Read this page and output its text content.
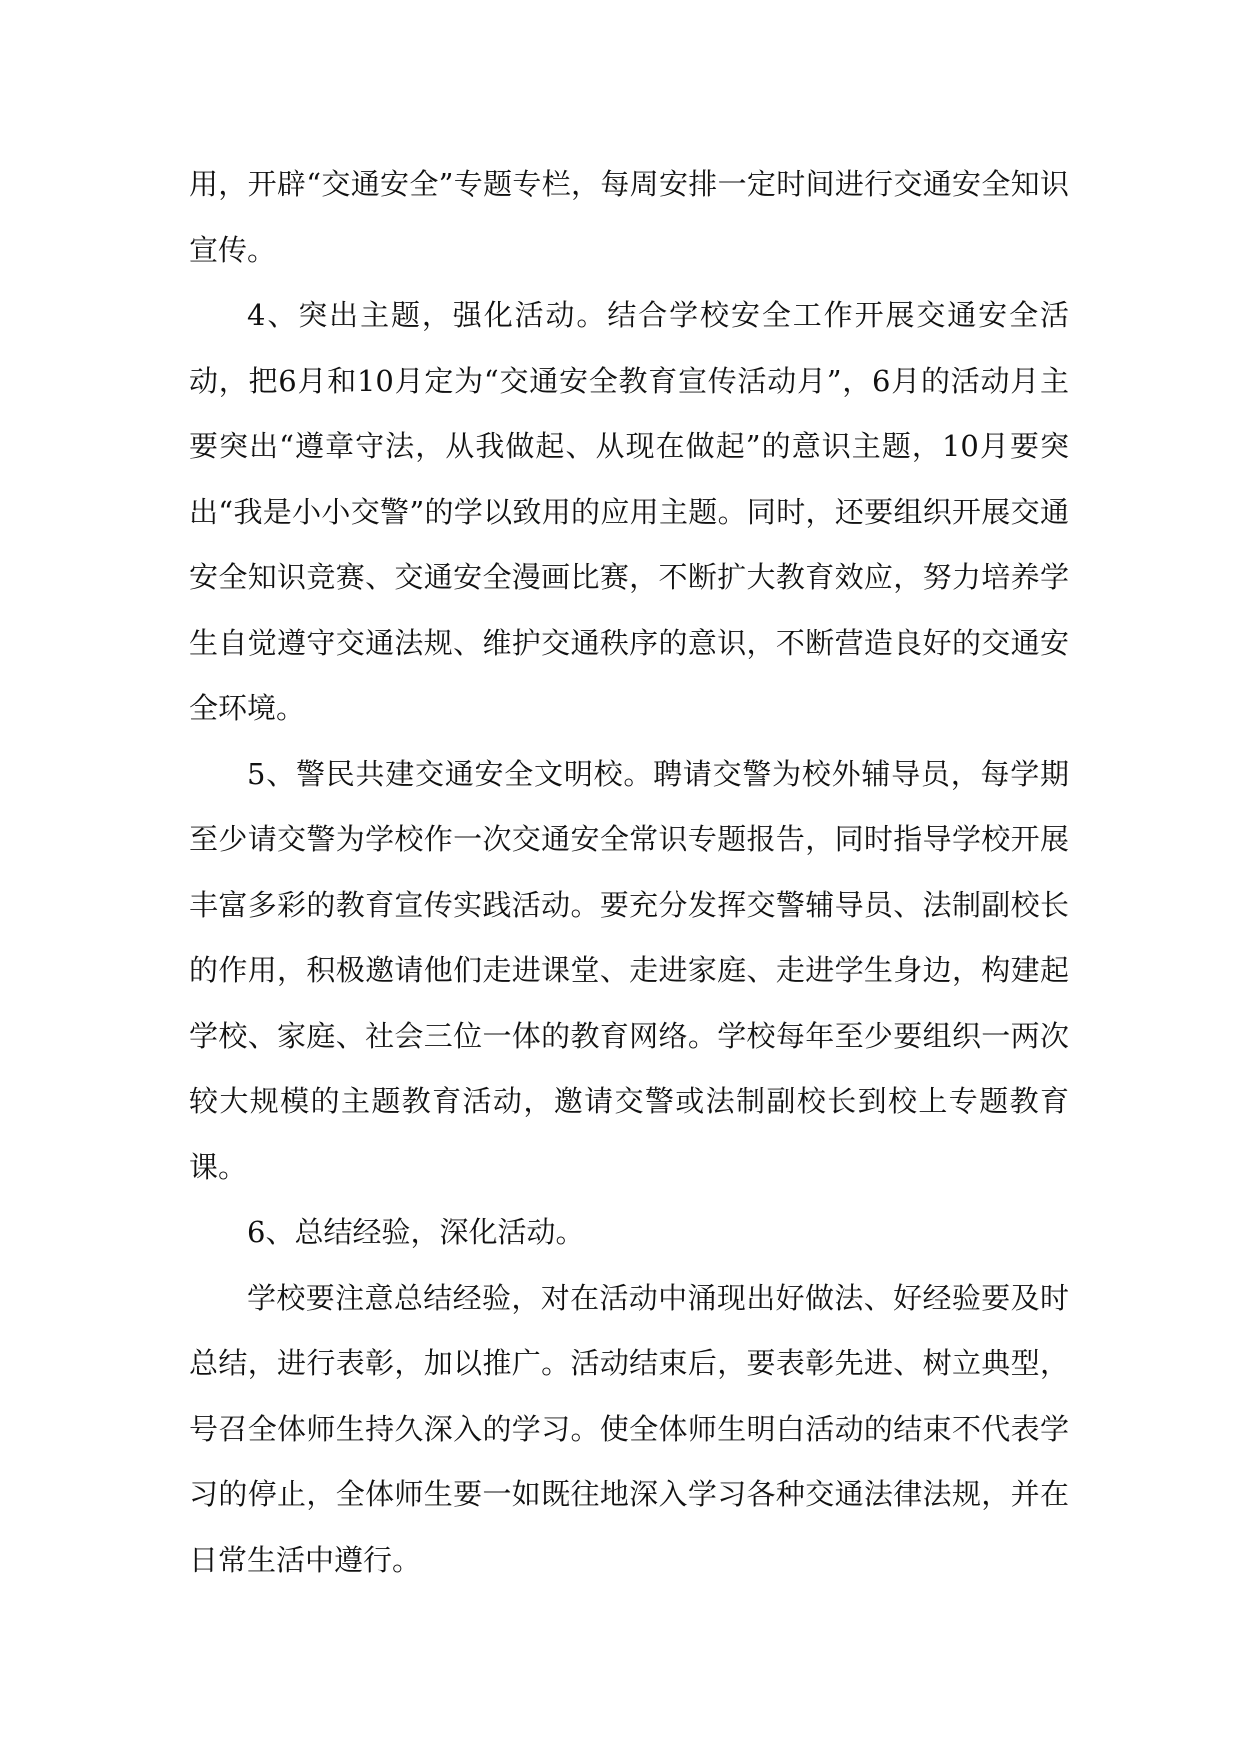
用，开辟“交通安全”专题专栏，每周安排一定时间进行交通安全知识宣传。

4、突出主题，强化活动。结合学校安全工作开展交通安全活动，把6月和10月定为“交通安全教育宣传活动月”，6月的活动月主要突出“遵章守法，从我做起、从现在做起”的意识主题，10月要突出“我是小小交警”的学以致用的应用主题。同时，还要组织开展交通安全知识竞赛、交通安全漫画比赛，不断扩大教育效应，努力培养学生自觉遵守交通法规、维护交通秩序的意识，不断营造良好的交通安全环境。

5、警民共建交通安全文明校。聘请交警为校外辅导员，每学期至少请交警为学校作一次交通安全常识专题报告，同时指导学校开展丰富多彩的教育宣传实践活动。要充分发挥交警辅导员、法制副校长的作用，积极邀请他们走进课堂、走进家庭、走进学生身边，构建起学校、家庭、社会三位一体的教育网络。学校每年至少要组织一两次较大规模的主题教育活动，邀请交警或法制副校长到校上专题教育课。

6、总结经验，深化活动。

学校要注意总结经验，对在活动中涌现出好做法、好经验要及时总结，进行表彰，加以推广。活动结束后，要表彰先进、树立典型，号召全体师生持久深入的学习。使全体师生明白活动的结束不代表学习的停止，全体师生要一如既往地深入学习各种交通法律法规，并在日常生活中遵行。
